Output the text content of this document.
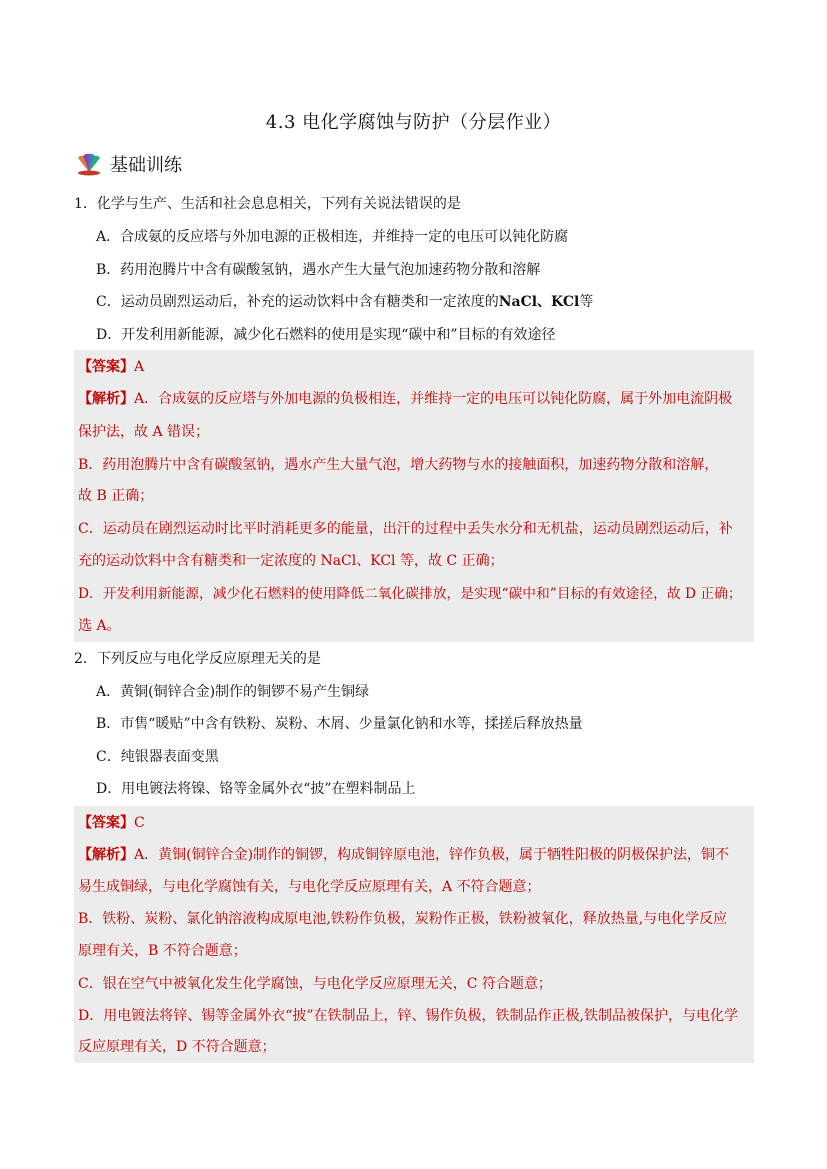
4.3 电化学腐蚀与防护（分层作业）
基础训练
1．化学与生产、生活和社会息息相关，下列有关说法错误的是
A．合成氨的反应塔与外加电源的正极相连，并维持一定的电压可以钝化防腐
B．药用泡腾片中含有碳酸氢钠，遇水产生大量气泡加速药物分散和溶解
C．运动员剧烈运动后，补充的运动饮料中含有糖类和一定浓度的NaCl、KCl等
D．开发利用新能源，减少化石燃料的使用是实现“碳中和”目标的有效途径
【答案】A
【解析】A．合成氨的反应塔与外加电源的负极相连，并维持一定的电压可以钝化防腐，属于外加电流阴极
保护法，故 A 错误；
B．药用泡腾片中含有碳酸氢钠，遇水产生大量气泡，增大药物与水的接触面积，加速药物分散和溶解，
故 B 正确；
C．运动员在剧烈运动时比平时消耗更多的能量，出汗的过程中丢失水分和无机盐，运动员剧烈运动后，补
充的运动饮料中含有糖类和一定浓度的 NaCl、KCl 等，故 C 正确；
D．开发利用新能源，减少化石燃料的使用降低二氧化碳排放，是实现“碳中和”目标的有效途径，故 D 正确；
选 A。
2．下列反应与电化学反应原理无关的是
A．黄铜(铜锌合金)制作的铜锣不易产生铜绿
B．市售“暖贴”中含有铁粉、炭粉、木屑、少量氯化钠和水等，揉搓后释放热量
C．纯银器表面变黑
D．用电镀法将镍、铬等金属外衣“披”在塑料制品上
【答案】C
【解析】A．黄铜(铜锌合金)制作的铜锣，构成铜锌原电池，锌作负极，属于牺牲阳极的阴极保护法，铜不
易生成铜绿，与电化学腐蚀有关，与电化学反应原理有关，A 不符合题意；
B．铁粉、炭粉、氯化钠溶液构成原电池,铁粉作负极，炭粉作正极，铁粉被氧化，释放热量,与电化学反应
原理有关，B 不符合题意；
C．银在空气中被氧化发生化学腐蚀，与电化学反应原理无关，C 符合题意；
D．用电镀法将锌、锡等金属外衣“披”在铁制品上，锌、锡作负极，铁制品作正极,铁制品被保护，与电化学
反应原理有关，D 不符合题意；
